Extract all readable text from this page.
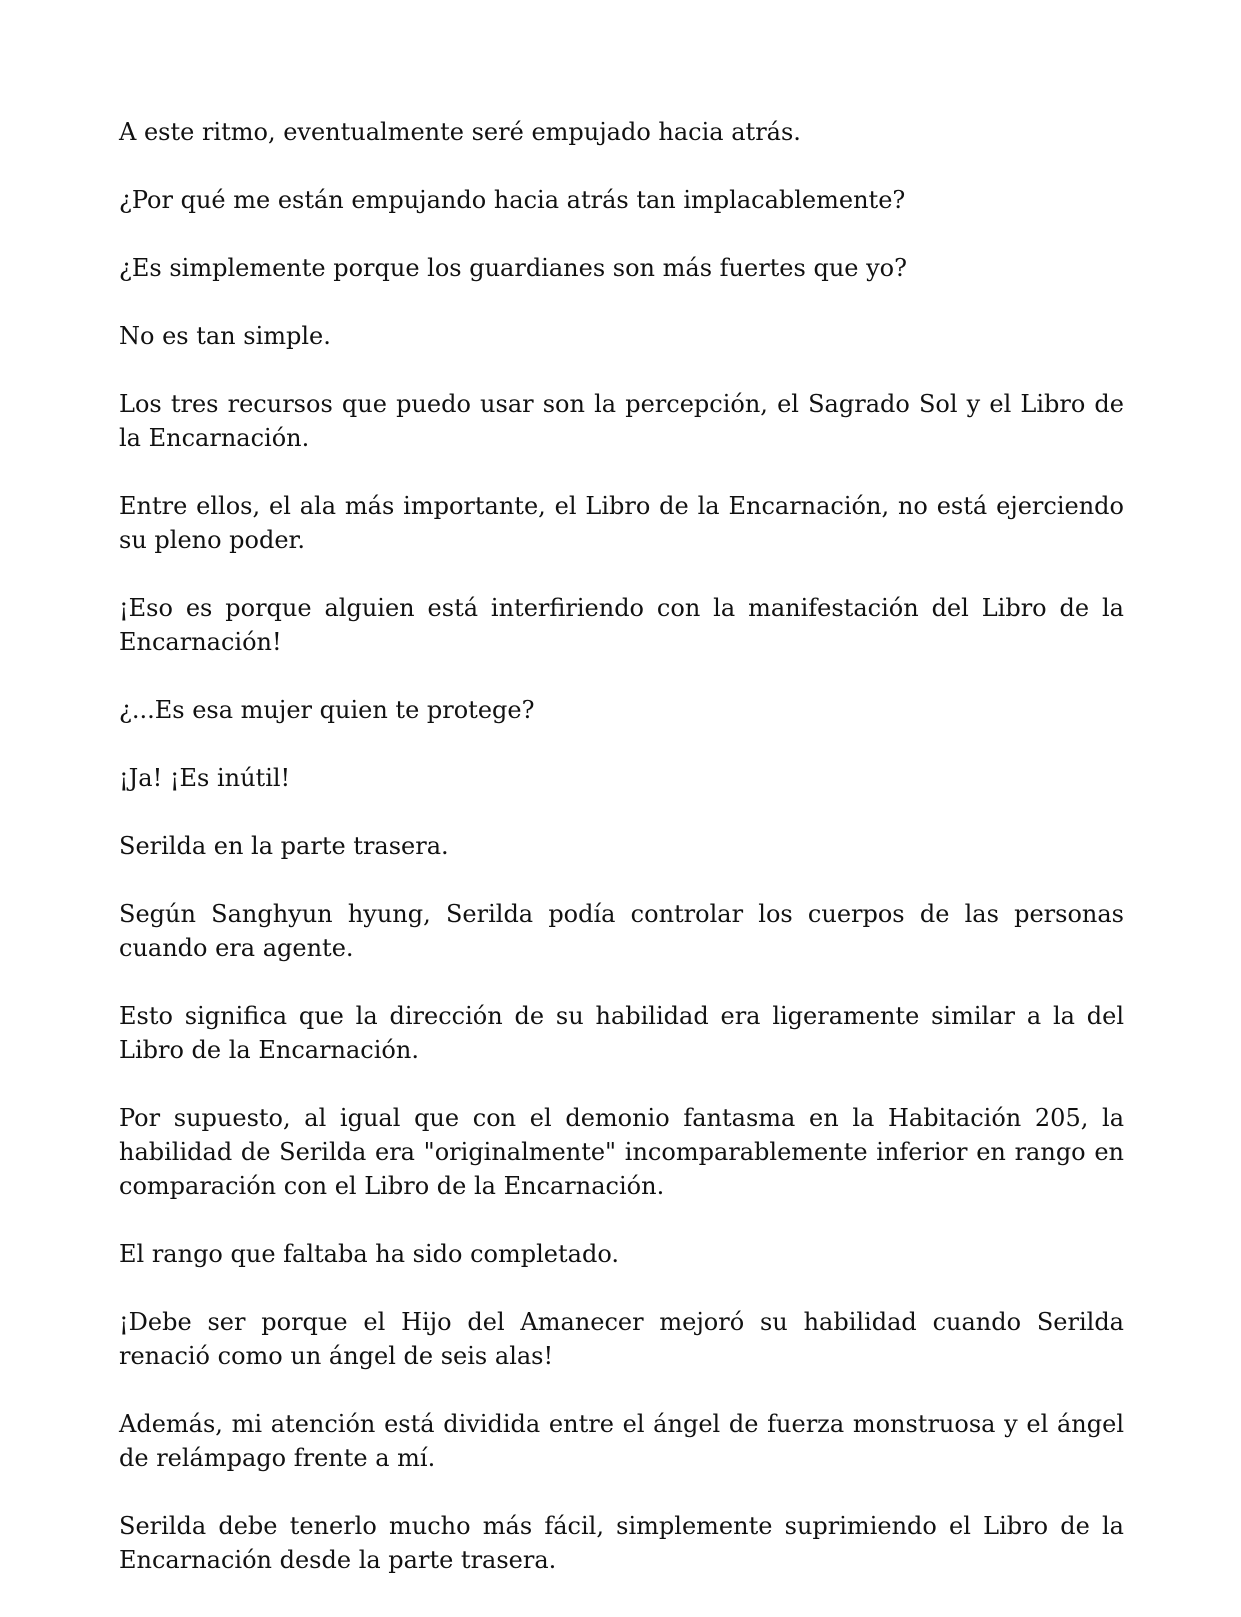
A este ritmo, eventualmente seré empujado hacia atrás.

¿Por qué me están empujando hacia atrás tan implacablemente?

¿Es simplemente porque los guardianes son más fuertes que yo?

No es tan simple.

Los tres recursos que puedo usar son la percepción, el Sagrado Sol y el Libro de la Encarnación.

Entre ellos, el ala más importante, el Libro de la Encarnación, no está ejerciendo su pleno poder.

¡Eso es porque alguien está interfiriendo con la manifestación del Libro de la Encarnación!

¿...Es esa mujer quien te protege?

¡Ja! ¡Es inútil!

Serilda en la parte trasera.

Según Sanghyun hyung, Serilda podía controlar los cuerpos de las personas cuando era agente.

Esto significa que la dirección de su habilidad era ligeramente similar a la del Libro de la Encarnación.

Por supuesto, al igual que con el demonio fantasma en la Habitación 205, la habilidad de Serilda era "originalmente" incomparablemente inferior en rango en comparación con el Libro de la Encarnación.

El rango que faltaba ha sido completado.

¡Debe ser porque el Hijo del Amanecer mejoró su habilidad cuando Serilda renació como un ángel de seis alas!

Además, mi atención está dividida entre el ángel de fuerza monstruosa y el ángel de relámpago frente a mí.

Serilda debe tenerlo mucho más fácil, simplemente suprimiendo el Libro de la Encarnación desde la parte trasera.
